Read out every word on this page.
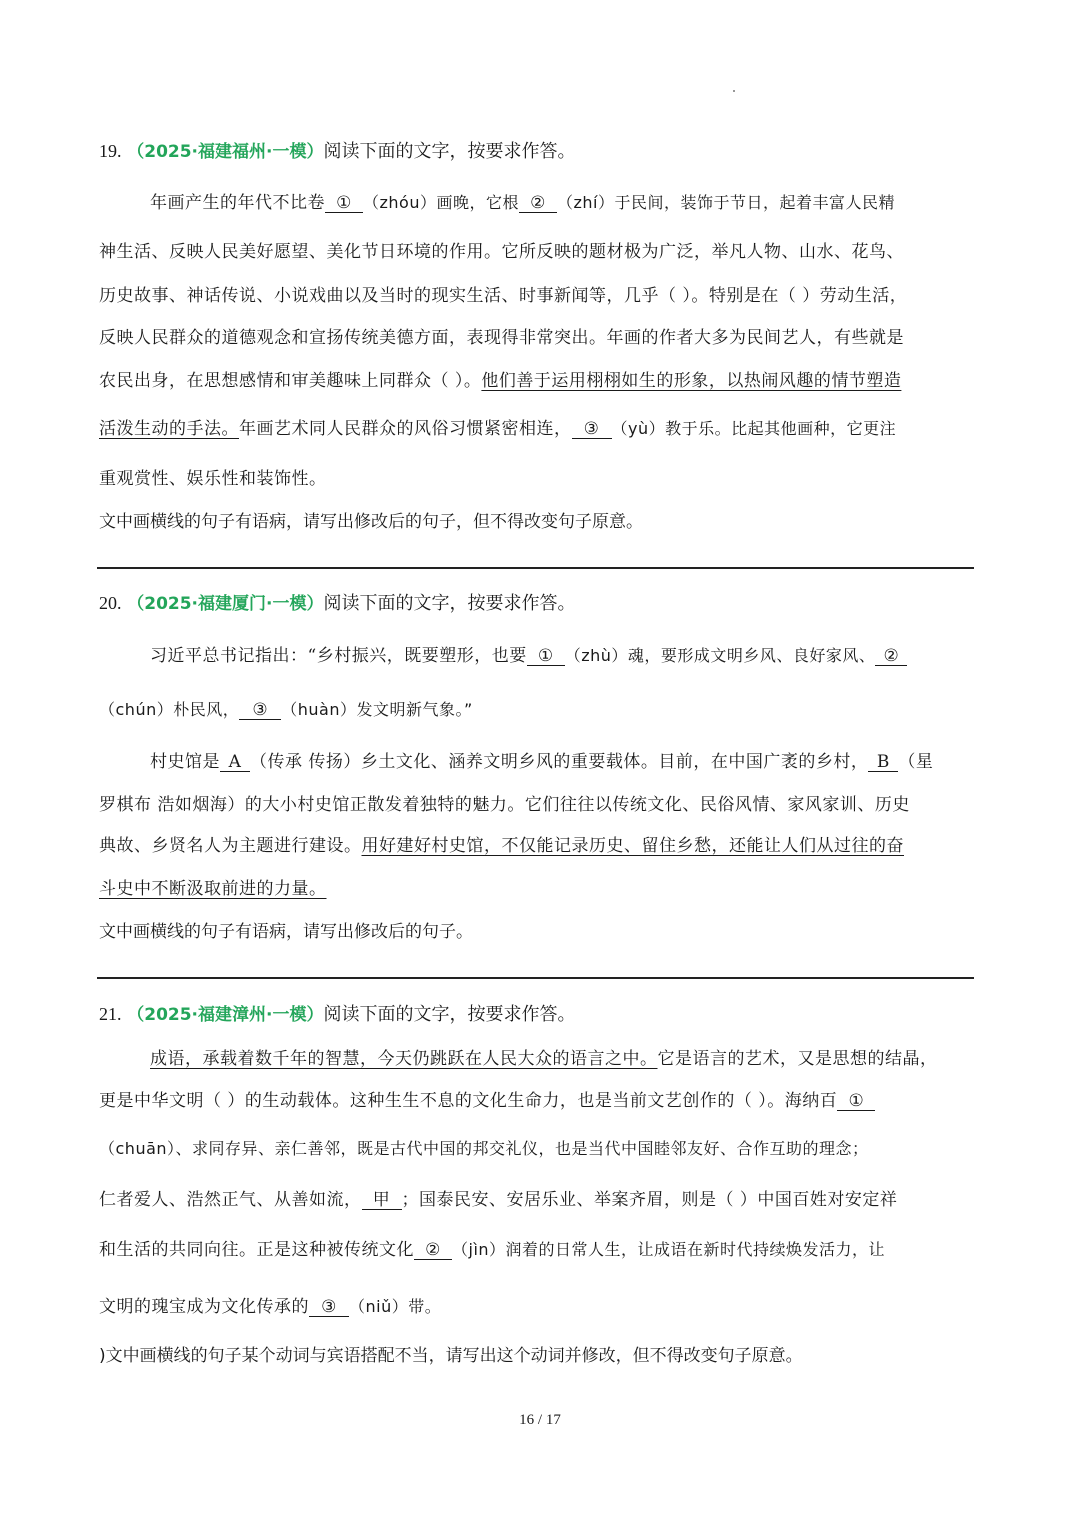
19. （2025·福建福州·一模）阅读下面的文字，按要求作答。
年画产生的年代不比卷 ① （zhóu）画晚，它根 ② （zhí）于民间，装饰于节日，起着丰富人民精
神生活、反映人民美好愿望、美化节日环境的作用。它所反映的题材极为广泛，举凡人物、山水、花鸟、
历史故事、神话传说、小说戏曲以及当时的现实生活、时事新闻等，几乎（ ）。特别是在（ ）劳动生活，
反映人民群众的道德观念和宣扬传统美德方面，表现得非常突出。年画的作者大多为民间艺人，有些就是
农民出身，在思想感情和审美趣味上同群众（ ）。他们善于运用栩栩如生的形象，以热闹风趣的情节塑造
活泼生动的手法。年画艺术同人民群众的风俗习惯紧密相连， ③ （yù）教于乐。比起其他画种，它更注
重观赏性、娱乐性和装饰性。
文中画横线的句子有语病，请写出修改后的句子，但不得改变句子原意。
20. （2025·福建厦门·一模）阅读下面的文字，按要求作答。
习近平总书记指出：“乡村振兴，既要塑形，也要 ① （zhù）魂，要形成文明乡风、良好家风、 ②
（chún）朴民风， ③ （huàn）发文明新气象。”
村史馆是 A （传承 传扬）乡土文化、涵养文明乡风的重要载体。目前，在中国广袤的乡村， B （星
罗棋布 浩如烟海）的大小村史馆正散发着独特的魅力。它们往往以传统文化、民俗风情、家风家训、历史
典故、乡贤名人为主题进行建设。用好建好村史馆，不仅能记录历史、留住乡愁，还能让人们从过往的奋
斗史中不断汲取前进的力量。
文中画横线的句子有语病，请写出修改后的句子。
21. （2025·福建漳州·一模）阅读下面的文字，按要求作答。
成语，承载着数千年的智慧，今天仍跳跃在人民大众的语言之中。它是语言的艺术，又是思想的结晶，
更是中华文明（ ）的生动载体。这种生生不息的文化生命力，也是当前文艺创作的（ ）。海纳百 ①
（chuān）、求同存异、亲仁善邻，既是古代中国的邦交礼仪，也是当代中国睦邻友好、合作互助的理念；
仁者爱人、浩然正气、从善如流， 甲 ；国泰民安、安居乐业、举案齐眉，则是（ ）中国百姓对安定祥
和生活的共同向往。正是这种被传统文化 ② （jìn）润着的日常人生，让成语在新时代持续焕发活力，让
文明的瑰宝成为文化传承的 ③ （niǔ）带。
)文中画横线的句子某个动词与宾语搭配不当，请写出这个动词并修改，但不得改变句子原意。
16 / 17
